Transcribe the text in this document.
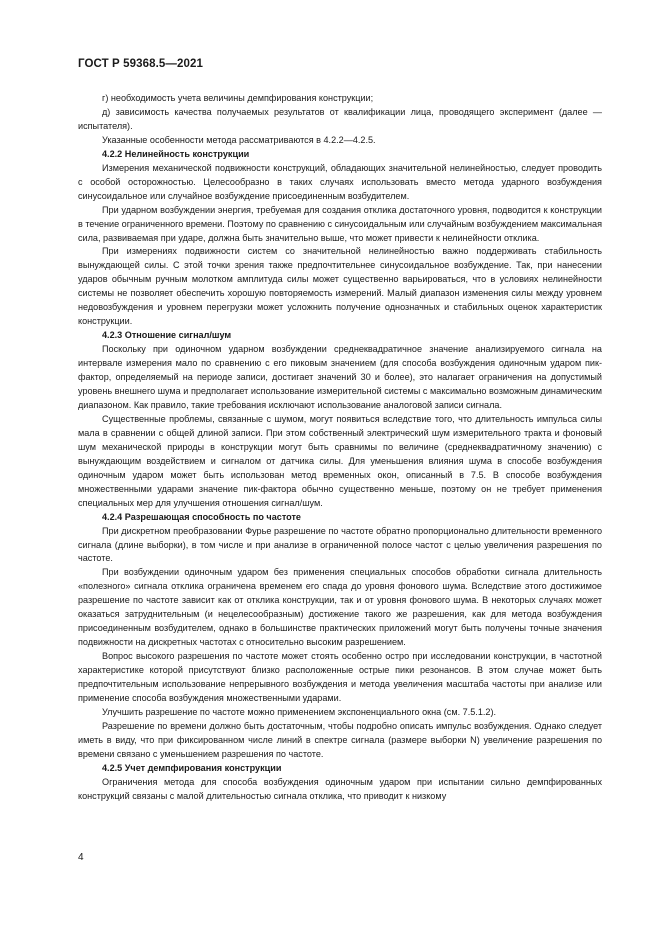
ГОСТ Р 59368.5—2021

г) необходимость учета величины демпфирования конструкции;

д) зависимость качества получаемых результатов от квалификации лица, проводящего эксперимент (далее — испытателя).

Указанные особенности метода рассматриваются в 4.2.2—4.2.5.

4.2.2 Нелинейность конструкции

Измерения механической подвижности конструкций, обладающих значительной нелинейностью, следует проводить с особой осторожностью. Целесообразно в таких случаях использовать вместо метода ударного возбуждения синусоидальное или случайное возбуждение присоединенным возбудителем.

При ударном возбуждении энергия, требуемая для создания отклика достаточного уровня, подводится к конструкции в течение ограниченного времени. Поэтому по сравнению с синусоидальным или случайным возбуждением максимальная сила, развиваемая при ударе, должна быть значительно выше, что может привести к нелинейности отклика.

При измерениях подвижности систем со значительной нелинейностью важно поддерживать стабильность вынуждающей силы. С этой точки зрения также предпочтительнее синусоидальное возбуждение. Так, при нанесении ударов обычным ручным молотком амплитуда силы может существенно варьироваться, что в условиях нелинейности системы не позволяет обеспечить хорошую повторяемость измерений. Малый диапазон изменения силы между уровнем недовозбуждения и уровнем перегрузки может усложнить получение однозначных и стабильных оценок характеристик конструкции.

4.2.3 Отношение сигнал/шум

Поскольку при одиночном ударном возбуждении среднеквадратичное значение анализируемого сигнала на интервале измерения мало по сравнению с его пиковым значением (для способа возбуждения одиночным ударом пик-фактор, определяемый на периоде записи, достигает значений 30 и более), это налагает ограничения на допустимый уровень внешнего шума и предполагает использование измерительной системы с максимально возможным динамическим диапазоном. Как правило, такие требования исключают использование аналоговой записи сигнала.

Существенные проблемы, связанные с шумом, могут появиться вследствие того, что длительность импульса силы мала в сравнении с общей длиной записи. При этом собственный электрический шум измерительного тракта и фоновый шум механической природы в конструкции могут быть сравнимы по величине (среднеквадратичному значению) с вынуждающим воздействием и сигналом от датчика силы. Для уменьшения влияния шума в способе возбуждения одиночным ударом может быть использован метод временных окон, описанный в 7.5. В способе возбуждения множественными ударами значение пик-фактора обычно существенно меньше, поэтому он не требует применения специальных мер для улучшения отношения сигнал/шум.

4.2.4 Разрешающая способность по частоте

При дискретном преобразовании Фурье разрешение по частоте обратно пропорционально длительности временного сигнала (длине выборки), в том числе и при анализе в ограниченной полосе частот с целью увеличения разрешения по частоте.

При возбуждении одиночным ударом без применения специальных способов обработки сигнала длительность «полезного» сигнала отклика ограничена временем его спада до уровня фонового шума. Вследствие этого достижимое разрешение по частоте зависит как от отклика конструкции, так и от уровня фонового шума. В некоторых случаях может оказаться затруднительным (и нецелесообразным) достижение такого же разрешения, как для метода возбуждения присоединенным возбудителем, однако в большинстве практических приложений могут быть получены точные значения подвижности на дискретных частотах с относительно высоким разрешением.

Вопрос высокого разрешения по частоте может стоять особенно остро при исследовании конструкции, в частотной характеристике которой присутствуют близко расположенные острые пики резонансов. В этом случае может быть предпочтительным использование непрерывного возбуждения и метода увеличения масштаба частоты при анализе или применение способа возбуждения множественными ударами.

Улучшить разрешение по частоте можно применением экспоненциального окна (см. 7.5.1.2).

Разрешение по времени должно быть достаточным, чтобы подробно описать импульс возбуждения. Однако следует иметь в виду, что при фиксированном числе линий в спектре сигнала (размере выборки N) увеличение разрешения по времени связано с уменьшением разрешения по частоте.

4.2.5 Учет демпфирования конструкции

Ограничения метода для способа возбуждения одиночным ударом при испытании сильно демпфированных конструкций связаны с малой длительностью сигнала отклика, что приводит к низкому

4
